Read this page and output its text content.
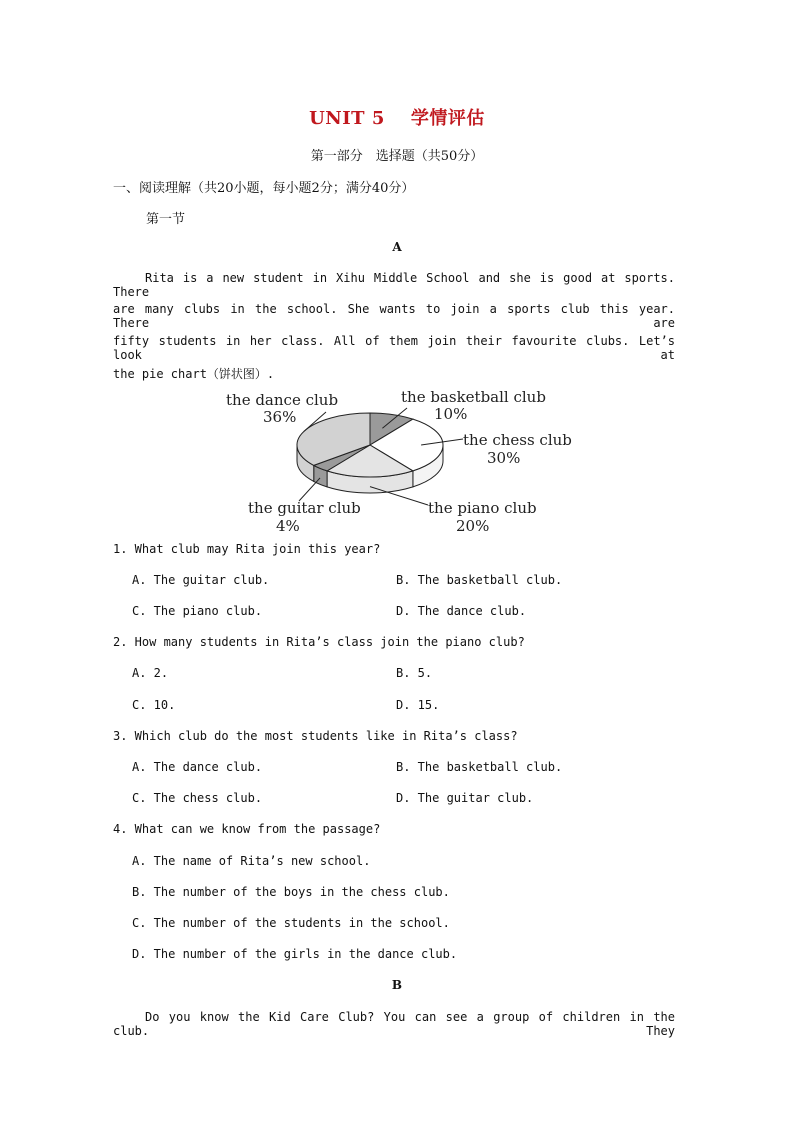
UNIT 5 学情评估
第一部分　选择题（共50分）
一、阅读理解（共20小题，每小题2分；满分40分）
第一节
A
Rita is a new student in Xihu Middle School and she is good at sports. There
are many clubs in the school. She wants to join a sports club this year. There are
fifty students in her class. All of them join their favourite clubs. Let’s look at
the pie chart（饼状图）.
the dance club
36%
the basketball club
10%
the chess club
30%
the guitar club
4%
the piano club
20%
1. What club may Rita join this year?
A. The guitar club.	B. The basketball club.
C. The piano club.	D. The dance club.
2. How many students in Rita’s class join the piano club?
A. 2.	B. 5.
C. 10.	D. 15.
3. Which club do the most students like in Rita’s class?
A. The dance club.	B. The basketball club.
C. The chess club.	D. The guitar club.
4. What can we know from the passage?
A. The name of Rita’s new school.
B. The number of the boys in the chess club.
C. The number of the students in the school.
D. The number of the girls in the dance club.
B
Do you know the Kid Care Club? You can see a group of children in the club. They
